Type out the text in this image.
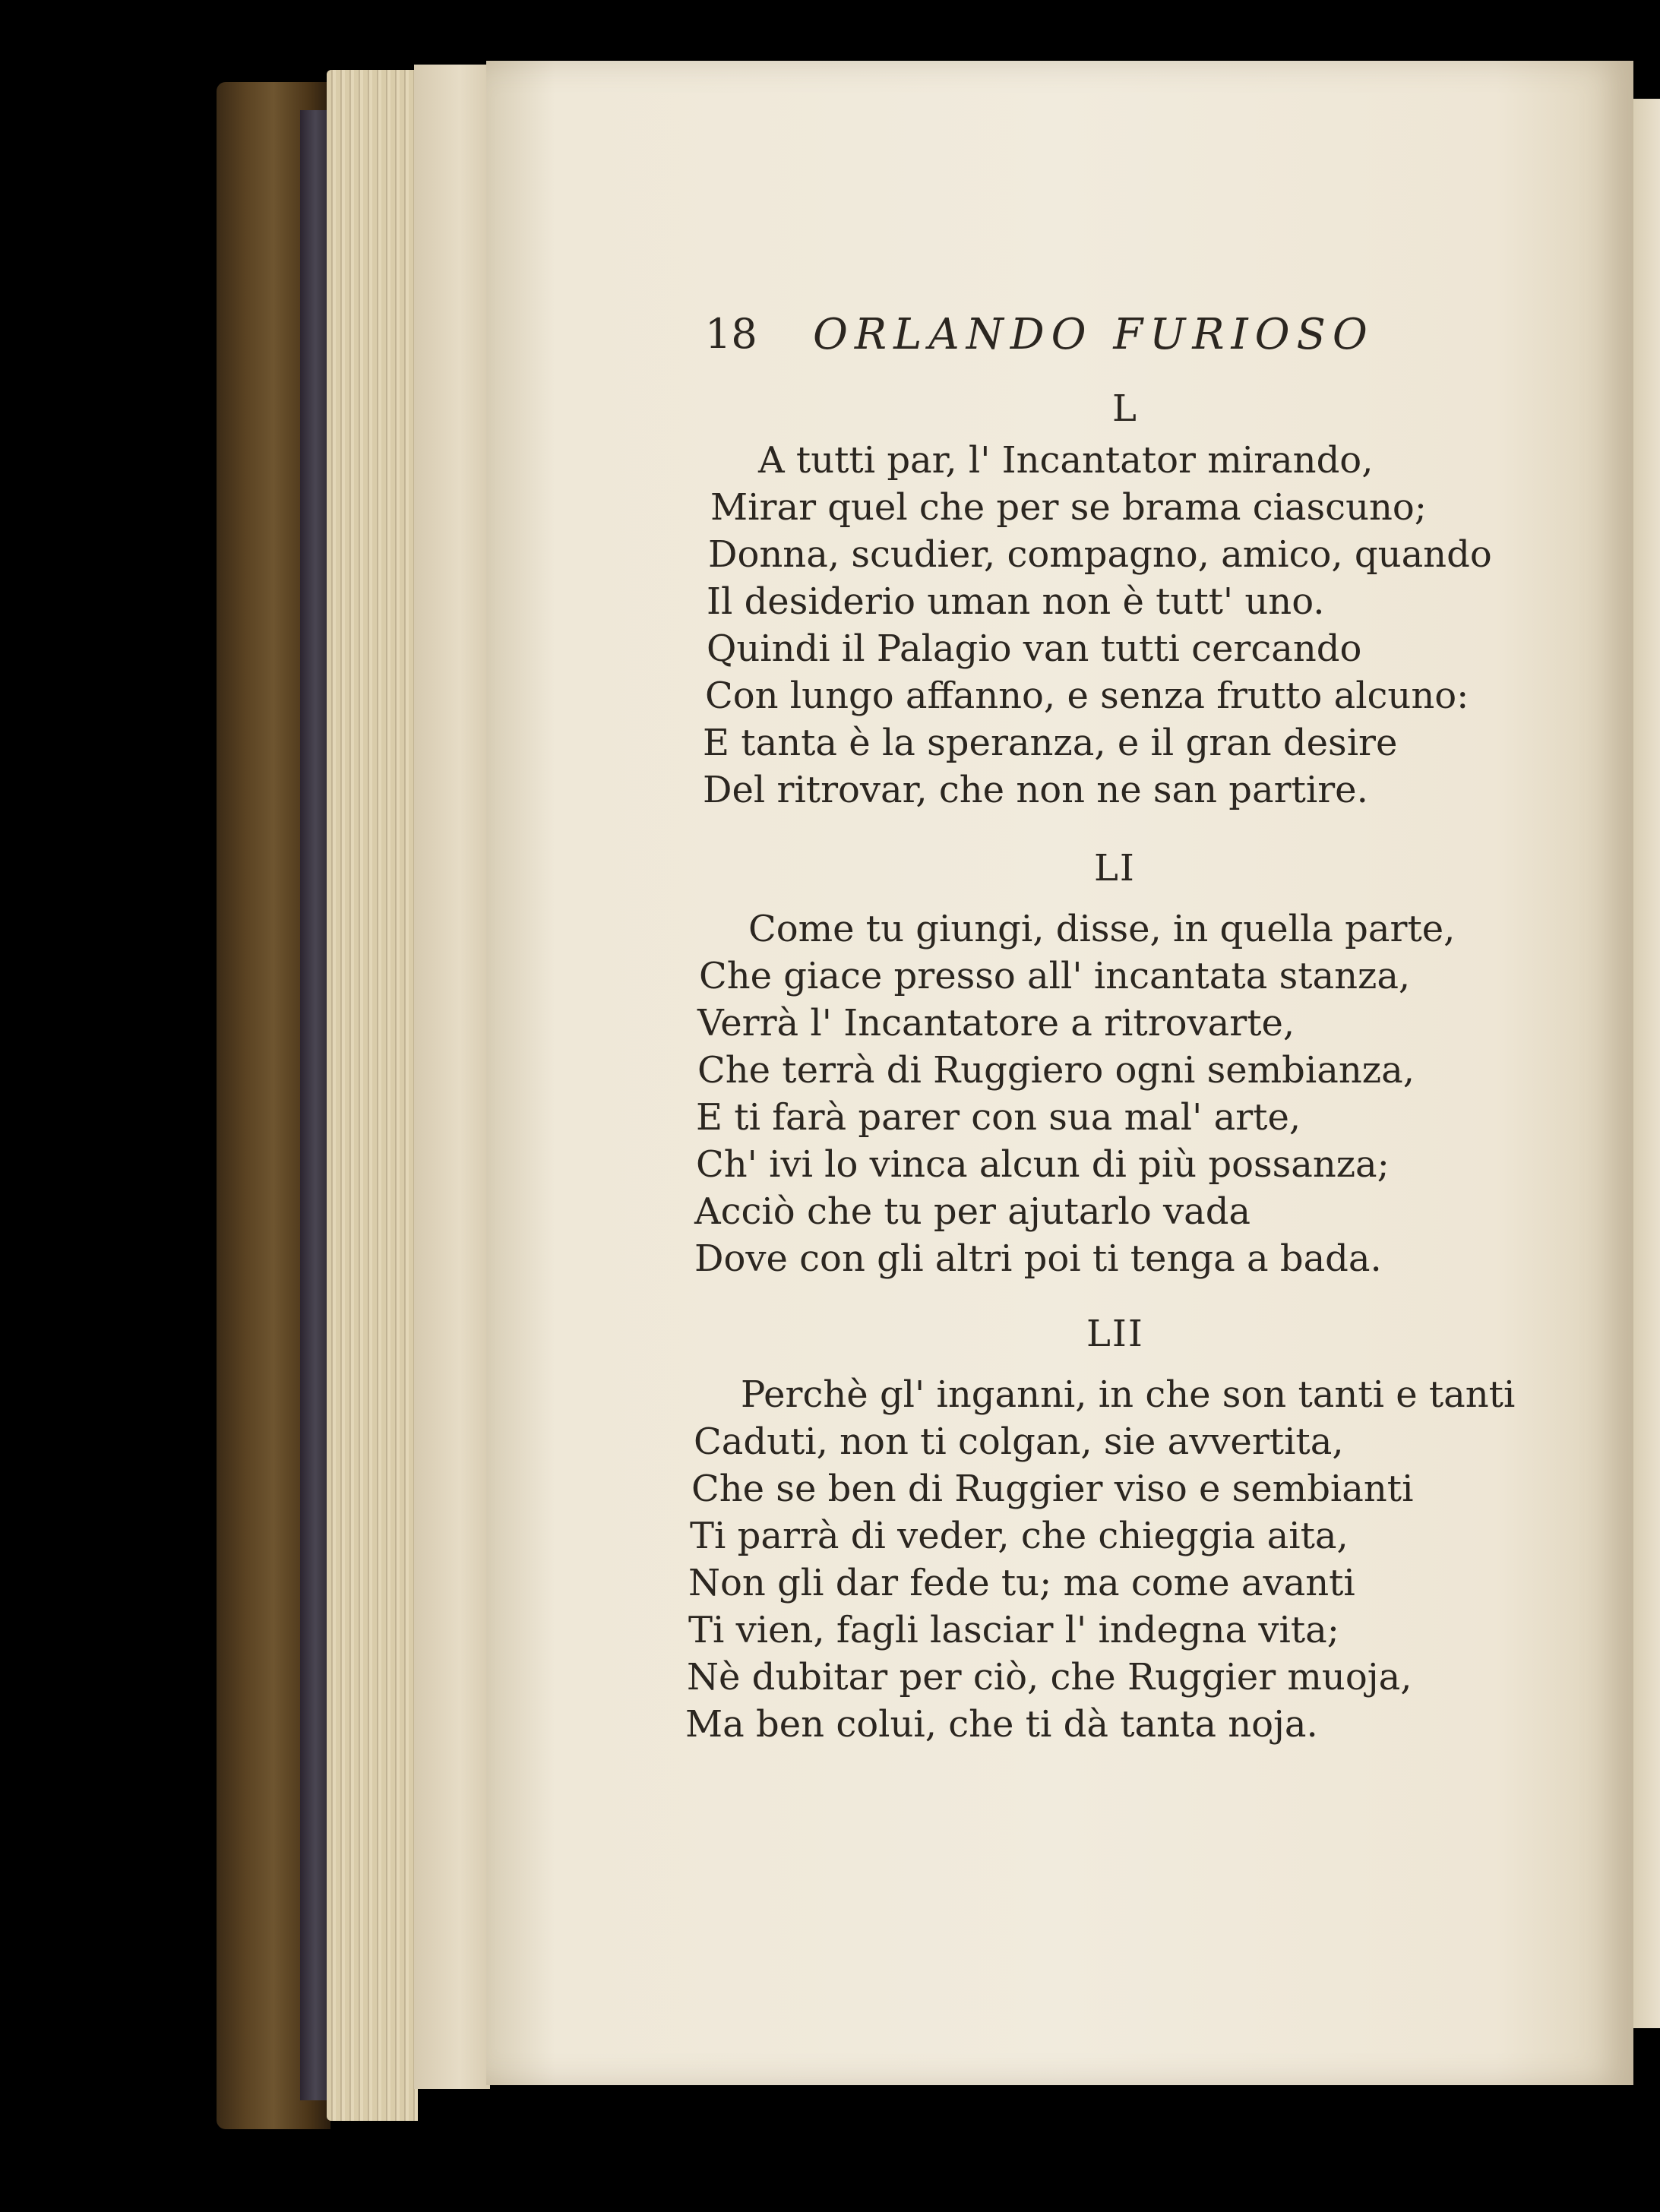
18 ORLANDO FURIOSO
L
A tutti par, l' Incantator mirando,
Mirar quel che per se brama ciascuno;
Donna, scudier, compagno, amico, quando
Il desiderio uman non è tutt' uno.
Quindi il Palagio van tutti cercando
Con lungo affanno, e senza frutto alcuno:
E tanta è la speranza, e il gran desire
Del ritrovar, che non ne san partire.
LI
Come tu giungi, disse, in quella parte,
Che giace presso all' incantata stanza,
Verrà l' Incantatore a ritrovarte,
Che terrà di Ruggiero ogni sembianza,
E ti farà parer con sua mal' arte,
Ch' ivi lo vinca alcun di più possanza;
Acciò che tu per ajutarlo vada
Dove con gli altri poi ti tenga a bada.
LII
Perchè gl' inganni, in che son tanti e tanti
Caduti, non ti colgan, sie avvertita,
Che se ben di Ruggier viso e sembianti
Ti parrà di veder, che chieggia aita,
Non gli dar fede tu; ma come avanti
Ti vien, fagli lasciar l' indegna vita;
Nè dubitar per ciò, che Ruggier muoja,
Ma ben colui, che ti dà tanta noja.
